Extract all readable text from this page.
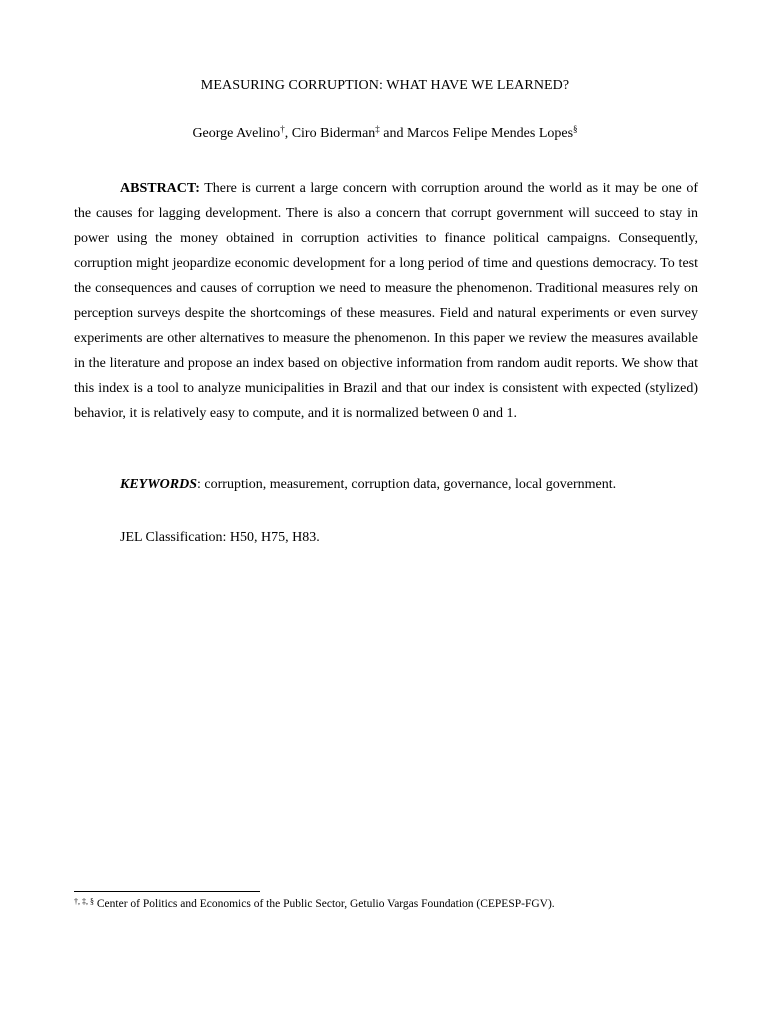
MEASURING CORRUPTION: WHAT HAVE WE LEARNED?
George Avelino†, Ciro Biderman‡ and Marcos Felipe Mendes Lopes§

ABSTRACT: There is current a large concern with corruption around the world as it may be one of the causes for lagging development. There is also a concern that corrupt government will succeed to stay in power using the money obtained in corruption activities to finance political campaigns. Consequently, corruption might jeopardize economic development for a long period of time and questions democracy. To test the consequences and causes of corruption we need to measure the phenomenon. Traditional measures rely on perception surveys despite the shortcomings of these measures. Field and natural experiments or even survey experiments are other alternatives to measure the phenomenon. In this paper we review the measures available in the literature and propose an index based on objective information from random audit reports. We show that this index is a tool to analyze municipalities in Brazil and that our index is consistent with expected (stylized) behavior, it is relatively easy to compute, and it is normalized between 0 and 1.

KEYWORDS: corruption, measurement, corruption data, governance, local government.

JEL Classification: H50, H75, H83.

†, ‡, § Center of Politics and Economics of the Public Sector, Getulio Vargas Foundation (CEPESP-FGV).
